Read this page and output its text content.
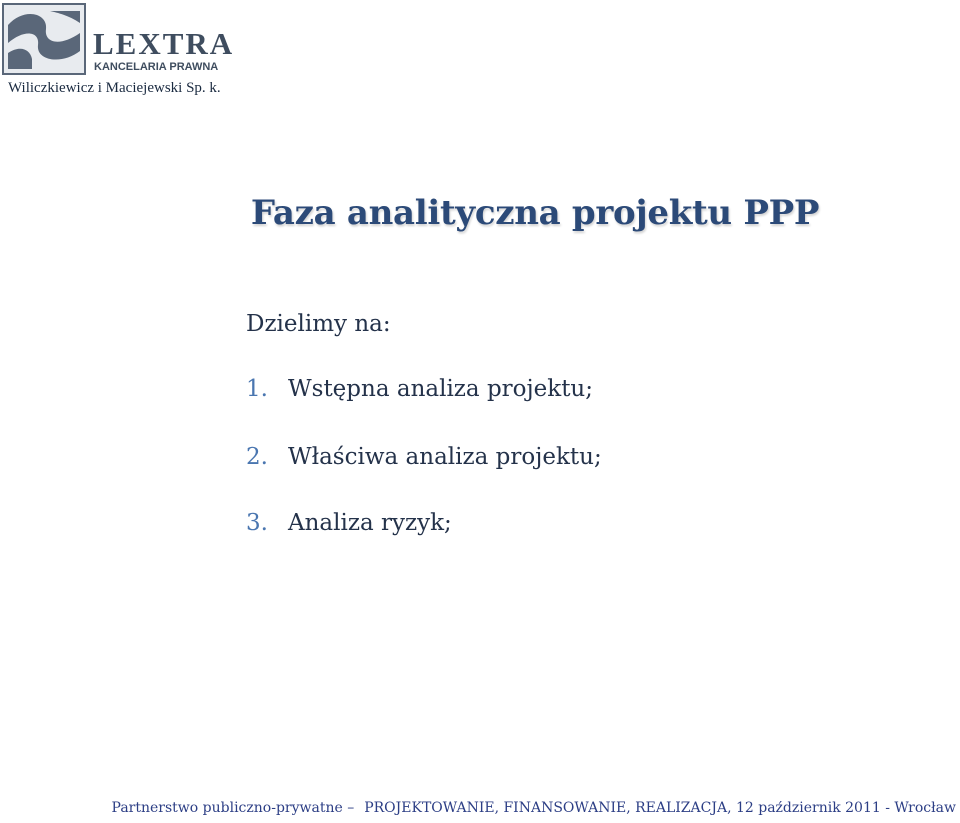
LEXTRA
KANCELARIA PRAWNA
Wiliczkiewicz i Maciejewski Sp. k.
Faza analityczna projektu PPP
Dzielimy na:
1. Wstępna analiza projektu;
2. Właściwa analiza projektu;
3. Analiza ryzyk;
Partnerstwo publiczno-prywatne – PROJEKTOWANIE, FINANSOWANIE, REALIZACJA, 12 październik 2011 - Wrocław
